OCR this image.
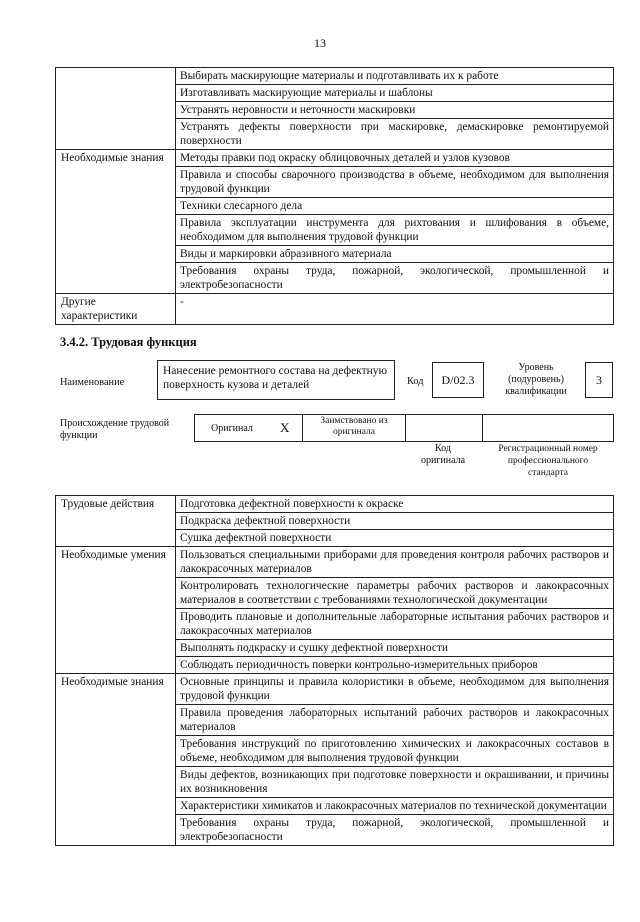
13
	Выбирать маскирующие материалы и подготавливать их к работе
	Изготавливать маскирующие материалы и шаблоны
	Устранять неровности и неточности маскировки
	Устранять дефекты поверхности при маскировке, демаскировке ремонтируемой поверхности
Необходимые знания	Методы правки под окраску облицовочных деталей и узлов кузовов
	Правила и способы сварочного производства в объеме, необходимом для выполнения трудовой функции
	Техники слесарного дела
	Правила эксплуатации инструмента для рихтования и шлифования в объеме, необходимом для выполнения трудовой функции
	Виды и маркировки абразивного материала
	Требования охраны труда, пожарной, экологической, промышленной и электробезопасности
Другие характеристики	-
3.4.2. Трудовая функция
Наименование
Нанесение ремонтного состава на дефектную поверхность кузова и деталей	Код D/02.3
Уровень (подуровень) квалификации
3
Происхождение трудовой функции
Оригинал X	Заимствовано из оригинала
Код оригинала
Регистрационный номер профессионального стандарта
Трудовые действия	Подготовка дефектной поверхности к окраске
	Подкраска дефектной поверхности
	Сушка дефектной поверхности
Необходимые умения	Пользоваться специальными приборами для проведения контроля рабочих растворов и лакокрасочных материалов
	Контролировать технологические параметры рабочих растворов и лакокрасочных материалов в соответствии с требованиями технологической документации
	Проводить плановые и дополнительные лабораторные испытания рабочих растворов и лакокрасочных материалов
	Выполнять подкраску и сушку дефектной поверхности
	Соблюдать периодичность поверки контрольно-измерительных приборов
Необходимые знания	Основные принципы и правила колористики в объеме, необходимом для выполнения трудовой функции
	Правила проведения лабораторных испытаний рабочих растворов и лакокрасочных материалов
	Требования инструкций по приготовлению химических и лакокрасочных составов в объеме, необходимом для выполнения трудовой функции
	Виды дефектов, возникающих при подготовке поверхности и окрашивании, и причины их возникновения
	Характеристики химикатов и лакокрасочных материалов по технической документации
	Требования охраны труда, пожарной, экологической, промышленной и электробезопасности
